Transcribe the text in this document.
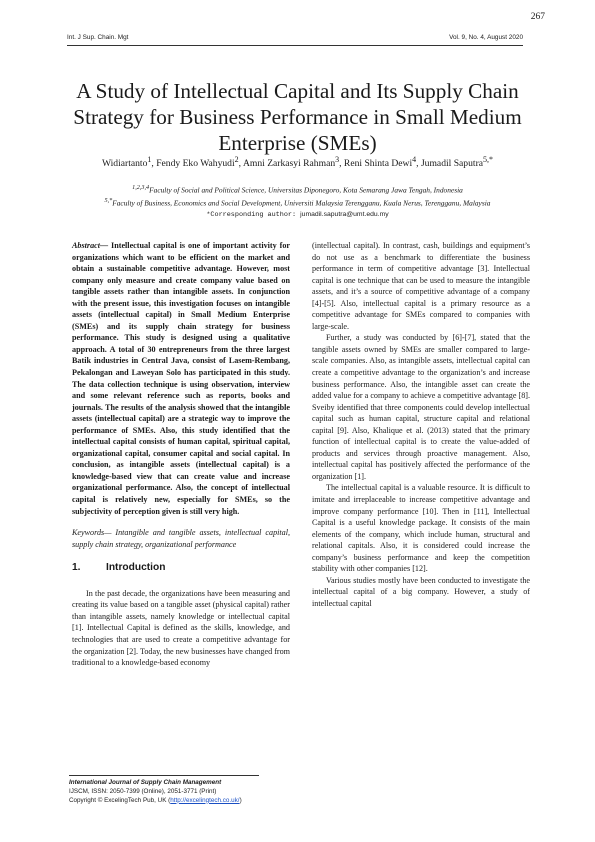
267
Int. J Sup. Chain. Mgt	Vol. 9, No. 4, August 2020
A Study of Intellectual Capital and Its Supply Chain Strategy for Business Performance in Small Medium Enterprise (SMEs)
Widiartanto$^1$, Fendy Eko Wahyudi$^2$, Amni Zarkasyi Rahman$^3$, Reni Shinta Dewi$^4$, Jumadil Saputra$^{5,*}$
$^{1,2,3,4}$Faculty of Social and Political Science, Universitas Diponegoro, Kota Semarang Jawa Tengah, Indonesia
$^{5,*}$Faculty of Business, Economics and Social Development, Universiti Malaysia Terengganu, Kuala Nerus, Terengganu, Malaysia
*Corresponding author: jumadil.saputra@umt.edu.my

Abstract— Intellectual capital is one of important activity for organizations which want to be efficient on the market and obtain a sustainable competitive advantage. However, most company only measure and create company value based on tangible assets rather than intangible assets. In conjunction with the present issue, this investigation focuses on intangible assets (intellectual capital) in Small Medium Enterprise (SMEs) and its supply chain strategy for business performance. This study is designed using a qualitative approach. A total of 30 entrepreneurs from the three largest Batik industries in Central Java, consist of Lasem-Rembang, Pekalongan and Laweyan Solo has participated in this study. The data collection technique is using observation, interview and some relevant reference such as reports, books and journals. The results of the analysis showed that the intangible assets (intellectual capital) are a strategic way to improve the performance of SMEs. Also, this study identified that the intellectual capital consists of human capital, spiritual capital, organizational capital, consumer capital and social capital. In conclusion, as intangible assets (intellectual capital) is a knowledge-based view that can create value and increase organizational performance. Also, the concept of intellectual capital is relatively new, especially for SMEs, so the subjectivity of perception given is still very high.

Keywords— Intangible and tangible assets, intellectual capital, supply chain strategy, organizational performance

1.	Introduction

In the past decade, the organizations have been measuring and creating its value based on a tangible asset (physical capital) rather than intangible assets, namely knowledge or intellectual capital [1]. Intellectual Capital is defined as the skills, knowledge, and technologies that are used to create a competitive advantage for the organization [2]. Today, the new businesses have changed from traditional to a knowledge-based economy

(intellectual capital). In contrast, cash, buildings and equipment’s do not use as a benchmark to differentiate the business performance in term of competitive advantage [3]. Intellectual capital is one technique that can be used to measure the intangible assets, and it’s a source of competitive advantage of a company [4]-[5]. Also, intellectual capital is a primary resource as a competitive advantage for SMEs compared to companies with large-scale.

Further, a study was conducted by [6]-[7], stated that the tangible assets owned by SMEs are smaller compared to large-scale companies. Also, as intangible assets, intellectual capital can create a competitive advantage to the organization’s and increase business performance. Also, the intangible asset can create the added value for a company to achieve a competitive advantage [8]. Sveiby identified that three components could develop intellectual capital such as human capital, structure capital and relational capital [9]. Also, Khalique et al. (2013) stated that the primary function of intellectual capital is to create the value-added of products and services through proactive management. Also, intellectual capital has positively affected the performance of the organization [1].

The intellectual capital is a valuable resource. It is difficult to imitate and irreplaceable to increase competitive advantage and improve company performance [10]. Then in [11], Intellectual Capital is a useful knowledge package. It consists of the main elements of the company, which include human, structural and relational capitals. Also, it is considered could increase the company’s business performance and keep the competition stability with other companies [12].

Various studies mostly have been conducted to investigate the intellectual capital of a big company. However, a study of intellectual capital

International Journal of Supply Chain Management
IJSCM, ISSN: 2050-7399 (Online), 2051-3771 (Print)
Copyright © ExcelingTech Pub, UK (http://excelingtech.co.uk/)
